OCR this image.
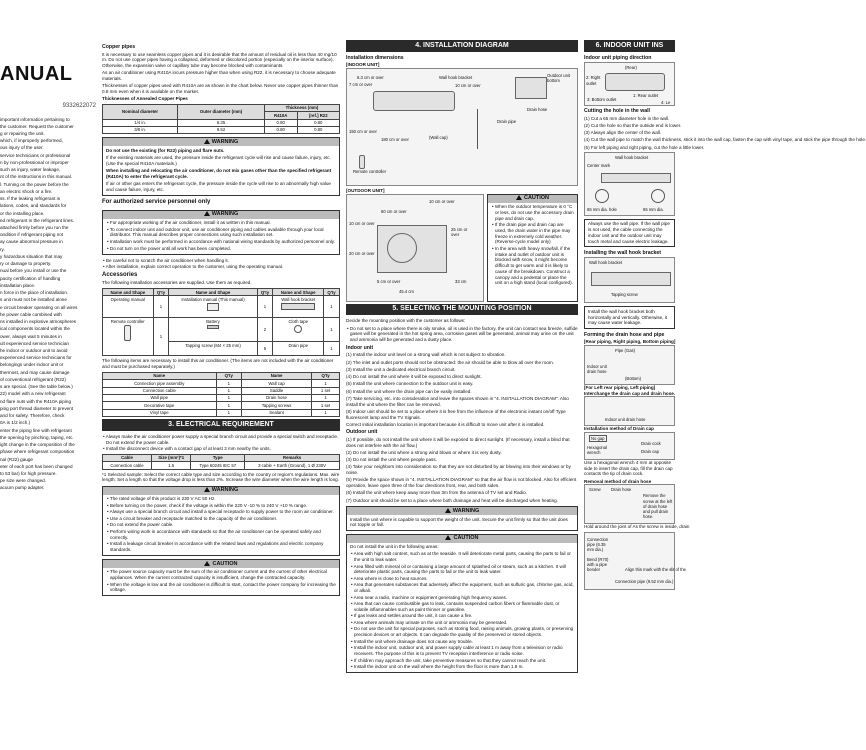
ANUAL
9332622072

important information pertaining to

the customer. Request the customer

g or repairing the unit.

which, if improperly performed,

ous injury of the user.

service technicians or professional

n by non-professional or improper

such as injury, water leakage,

nt of the instructions in this manual.

l. Turning on the power before the

an electric shock or a fire.

ss. If the leaking refrigerant is

lations, codes, and standards for

or the installing place.

ed refrigerant in the refrigerant lines.

attached firmly before you run the

ondition if refrigerant piping not

ay cause abnormal pressure in

ry.

y hazardous situation that may

ry or damage to property.

nual before you install or use the

pacity certification of handling

installation place.

n force in the place of installation.

s unit must not be installed alone

e circuit breaker operating on all wires

he power cable combined with

ns installed in explosive atmospheres

ical components located within the

ower, always wait 5 minutes in

ult experienced service technician

he indoor or outdoor unit to avoid

experienced service technicians for

belongings under indoor unit or

thermost, and may cause damage

of conventional refrigerant (R22)

s are special. (See the table below.)

22) model with a new refrigerant

nd flare nuts with the R410A piping

ping port thread diameter to prevent

and for safety. Therefore, check

0A is 1/2 inch.)

enter the piping line with refrigerant

the opening by pinching, taping, etc.

ight change in the composition of the

phase where refrigerant composition

nal (R22) gauge

eter of each port has been changed

to 53 bar) for high pressure.

pe size were changed.

acuum pump adapter.

Copper pipes

It is necessary to use seamless copper pipes and it is desirable that the amount of residual oil is less than 40 mg/10 m. Do not use copper pipes having a collapsed, deformed or discolored portion (especially on the interior surface). Otherwise, the expansion valve or capillary tube may become blocked with contaminants.

As an air conditioner using R410A incurs pressure higher than when using R22, it is necessary to choose adequate materials.

Thicknesses of copper pipes used with R410A are as shown in the chart below. Never use copper pipes thinner than 0.8 mm even when it is available on the market.

Thicknesses of Annealed Copper Pipes
Nominal diameter	Outer diameter (mm)	Thickness (mm)	
		R410A	[ref.] R22
1/4 in.	6.35	0.80	0.80
3/8 in.	9.52	0.80	0.80
WARNING

Do not use the existing (for R22) piping and flare nuts.

If the existing materials are used, the pressure inside the refrigerant cycle will rise and cause failure, injury, etc. (Use the special R410A materials.)

When installing and relocating the air conditioner, do not mix gases other than the specified refrigerant (R410A) to enter the refrigerant cycle.

If air or other gas enters the refrigerant cycle, the pressure inside the cycle will rise to an abnormally high value and cause failure, injury, etc.

For authorized service personnel only
WARNING
• For appropriate working of the air conditioner, install it as written in this manual.
• To connect indoor unit and outdoor unit, use air conditioner piping and cables available through your local distributor. This manual describes proper connections using such installation set.
• Installation work must be performed in accordance with national wiring standards by authorized personnel only.
• Do not turn on the power until all work has been completed.
• Be careful not to scratch the air conditioner when handling it.
• After installation, explain correct operation to the customer, using the operating manual.
Accessories

The following installation accessories are supplied. Use them as required.

Name and Shape	Q'ty	Name and Shape	Q'ty	Name and Shape	Q'ty
Operating manual	1	Installation manual (This manual)	1	Wall hook bracket	1

Remote controller	1	Battery	2	Cloth tape	1

		Tapping screw (M4 × 25 mm)	5	Drain pipe	1

The following items are necessary to install this air conditioner. (The items are not included with the air conditioner and must be purchased separately.)

Name	Q'ty	Name	Q'ty
Connection pipe assembly	1	Wall cap	1
Connection cable	1	Saddle	1 set
Wall pipe	1	Drain hose	1
Decorative tape	1	Tapping screws	1 set
Vinyl tape	1	Sealant	1
3. ELECTRICAL REQUIREMENT
• Always make the air conditioner power supply a special branch circuit and provide a special switch and receptacle. Do not extend the power cable.
• Install the disconnect device with a contact gap of at least 3 mm nearby the units.
Cable	Size (mm²)*1	Type	Remarks
Connection cable	1.5	Type 60245 IEC 57	3 cable + Earth (Ground), 1 Ø 230V

*1 Selected sample: Select the correct cable type and size according to the country or region's regulations. Max. wire length: Set a length so that the voltage drop is less than 2%. Increase the wire diameter when the wire length is long.

WARNING
• The rated voltage of this product is 230 V AC 50 Hz.
• Before turning on the power, check if the voltage is within the 220 V -10 % to 240 V +10 % range.
• Always use a special branch circuit and install a special receptacle to supply power to the room air conditioner.
• Use a circuit breaker and receptacle matched to the capacity of the air conditioner.
• Do not extend the power cable.
• Perform wiring work in accordance with standards so that the air conditioner can be operated safely and correctly.
• Install a leakage circuit breaker in accordance with the related laws and regulations and electric company standards.
CAUTION
• The power source capacity must be the sum of the air conditioner current and the current of other electrical appliances. When the current contracted capacity is insufficient, change the contracted capacity.
• When the voltage is low and the air conditioner is difficult to start, contact the power company for increasing the voltage.
4. INSTALLATION DIAGRAM
Installation dimensions
[INDOOR UNIT]
6.3 cm or over
7 cm or over
Wall hook bracket
10 cm or over
Outdoor unit bottom
Drain hose
Drain pipe
150 cm or over
180 cm or over	(Wall cap)
Remote controller
[OUTDOOR UNIT]
10 cm or over
60 cm or over
10 cm or over
25 cm or over
20 cm or over
5 cm or over
45.4 cm
33 cm
CAUTION
• When the outdoor temperature is 0 °C or less, do not use the accessory drain pipe and drain cap.
• If the drain pipe and drain cap are used, the drain water in the pipe may freeze in extremely cold weather. (Reverse-cycle model only)
• In the area with heavy snowfall, if the intake and outlet of outdoor unit is blocked with snow, it might become difficult to get warm and it is likely to cause of the breakdown. Construct a canopy and a pedestal or place the unit on a high stand (local configured).
5. SELECTING THE MOUNTING POSITION

Decide the mounting position with the customer as follows:

• Do not set to a place where there is oily smoke, oil is used in the factory, the unit can contact sea breeze, sulfide gases will be generated in the hot spring area, corrosive gases will be generated, animal may urine on the unit and ammonia will be generated and a dusty place.
Indoor unit

(1) Install the indoor unit level on a strong wall which is not subject to vibration.

(2) The inlet and outlet ports should not be obstructed: the air should be able to blow all over the room.

(3) Install the unit a dedicated electrical branch circuit.

(4) Do not install the unit where it will be exposed to direct sunlight.

(5) Install the unit where connection to the outdoor unit is easy.

(6) Install the unit where the drain pipe can be easily installed.

(7) Take servicing, etc. into consideration and leave the spaces shown in "4. INSTALLATION DIAGRAM". Also install the unit where the filter can be removed.

(8) Indoor unit should be set to a place where it is free from the influence of the electronic instant on/off Type fluorescent lamp and the TV Signals.

Correct initial installation location is important because it is difficult to move unit after it is installed.

Outdoor unit

(1) If possible, do not install the unit where it will be exposed to direct sunlight. (If necessary, install a blind that does not interfere with the air flow.)

(2) Do not install the unit where a strong wind blows or where it is very dusty.

(3) Do not install the unit where people pass.

(4) Take your neighbors into consideration so that they are not disturbed by air blowing into their windows or by noise.

(5) Provide the space shown in "4. INSTALLATION DIAGRAM" so that the air flow is not blocked. Also for efficient operation, leave open three of the four directions front, rear, and both sides.

(6) Install the unit where keep away more than 3m from the antenna of TV set and Radio.

(7) Outdoor unit should be set to a place where both drainage and heat will be discharged when heating.

WARNING
Install the unit where is capable to support the weight of the unit. Secure the unit firmly so that the unit does not topple or fall.
CAUTION

Do not install the unit in the following areas:

• Area with high salt content, such as at the seaside. It will deteriorate metal parts, causing the parts to fail or the unit to leak water.
• Area filled with mineral oil or containing a large amount of splashed oil or steam, such as a kitchen. It will deteriorate plastic parts, causing the parts to fail or the unit to leak water.
• Area where is close to heat sources.
• Area that generates substances that adversely affect the equipment, such as sulfuric gas, chlorine gas, acid, or alkali.
• Area near a radio, machine or equipment generating high frequency waves.
• Area that can cause combustible gas to leak, contains suspended carbon fibers or flammable dust, or volatile inflammables such as paint thinner or gasoline.
• If gas leaks and settles around the unit, it can cause a fire.
• Area where animals may urinate on the unit or ammonia may be generated.
• Do not use the unit for special purposes, such as storing food, raising animals, growing plants, or preserving precision devices or art objects. It can degrade the quality of the preserved or stored objects.
• Install the unit where drainage does not cause any trouble.
• Install the indoor unit, outdoor unit, and power supply cable at least 1 m away from a television or radio receivers. The purpose of this is to prevent TV reception interference or radio noise.
• If children may approach the unit, take preventive measures so that they cannot reach the unit.
• Install the indoor unit on the wall where the height from the floor is more than 1.8 m.
6. INDOOR UNIT INS
Indoor unit piping direction
(Rear)
2: Right outlet
1: Rear outlet
3: Bottom outlet
4: Le
Cutting the hole in the wall

(1) Cut a 65 mm diameter hole in the wall.

(2) Cut the hole so that the outside end is lower.

(3) Always align the center of the wall.

(4) Cut the wall pipe to match the wall thickness, stick it into the wall cap, fasten the cap with vinyl tape, and stick the pipe through the hole.

(5) For left piping and right piping, cut the hole a little lower.

Wall hook bracket
Center mark
65 mm dia. hole	65 mm dia.
Always use the wall pipe. If the wall pipe is not used, the cable connecting the indoor unit and the outdoor unit may touch metal and cause electric leakage.
Installing the wall hook bracket
Wall hook bracket
Tapping screw
Install the wall hook bracket both horizontally and vertically. Otherwise, it may cause water leakage.
Forming the drain hose and pipe
[Rear piping, Right piping, Bottom piping]
Pipe (Gas)
Indoor unit drain hose
(Bottom)
[For Left rear piping, Left piping]
Interchange the drain cap and drain hose.
Indoor unit drain hose
Installation method of Drain cap
No gap
Hexagonal wrench
Drain cock
Drain cap

Use a hexagonal wrench 4 mm at opposite side to insert the drain cap, fill the drain cap contacts the tip of drain cock.

Removal method of drain hose
Screw Drain hose
Remove the screw at the left of drain hose and pull drain hose.

Hold around the joint of As the screw is inside, drain

Connection pipe (6.35 mm dia.)
Bend (R70) with a pipe bender	Align this mark with the slit of the
Connection pipe (9.52 mm dia.)
